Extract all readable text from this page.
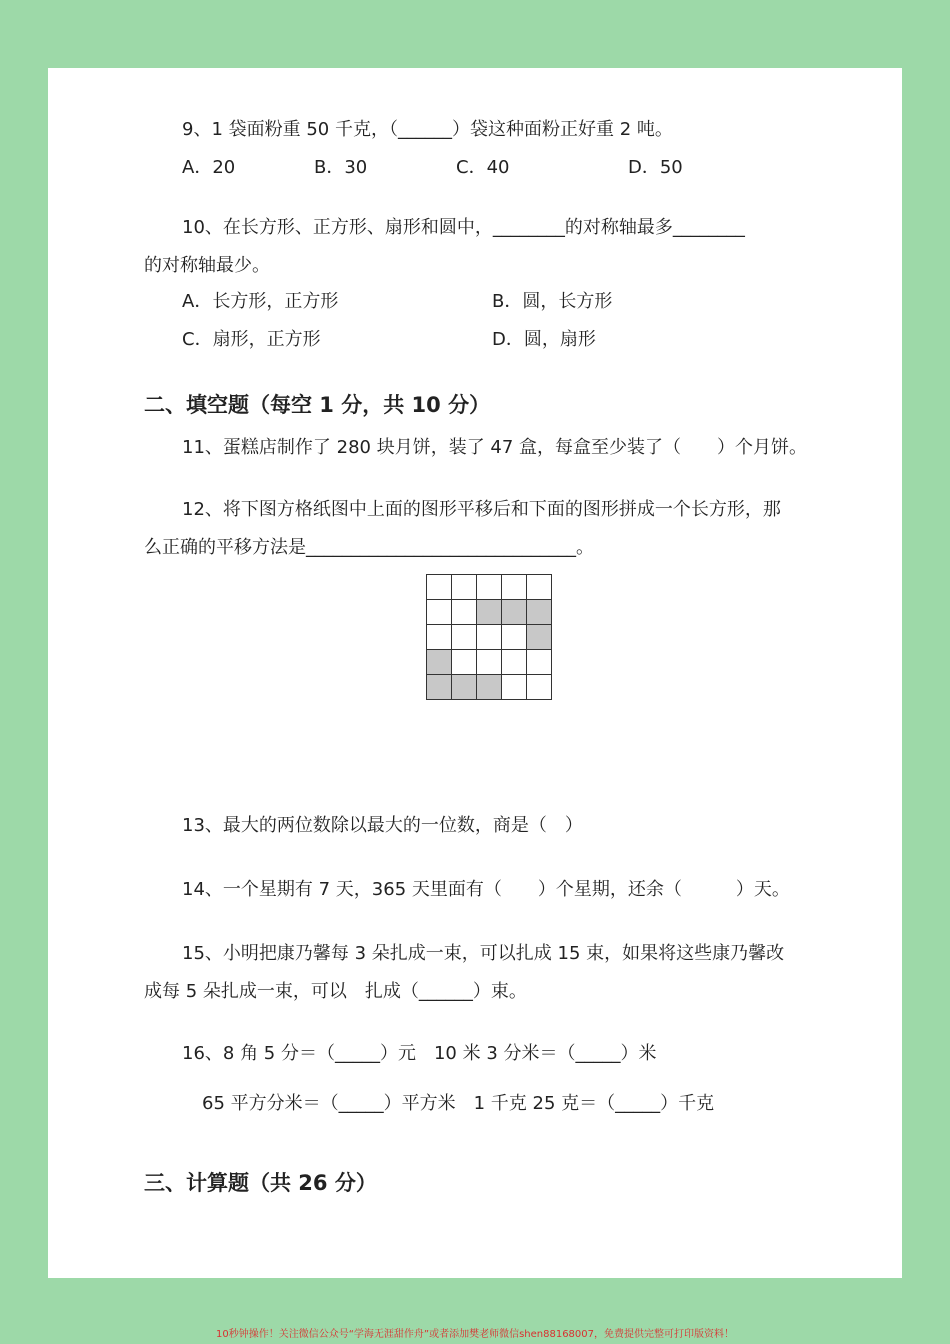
9、1 袋面粉重 50 千克，（______）袋这种面粉正好重 2 吨。
A．20	B．30	C．40	D．50
10、在长方形、正方形、扇形和圆中，________的对称轴最多________
的对称轴最少。
A．长方形，正方形	B．圆，长方形
C．扇形，正方形	D．圆，扇形
二、填空题（每空 1 分，共 10 分）
11、蛋糕店制作了 280 块月饼，装了 47 盒，每盒至少装了（　　）个月饼。
12、将下图方格纸图中上面的图形平移后和下面的图形拼成一个长方形，那
么正确的平移方法是______________________________。

13、最大的两位数除以最大的一位数，商是（　）
14、一个星期有 7 天，365 天里面有（　　）个星期，还余（　　　）天。
15、小明把康乃馨每 3 朵扎成一束，可以扎成 15 束，如果将这些康乃馨改
成每 5 朵扎成一束，可以　扎成（______）束。
16、8 角 5 分＝（_____）元　10 米 3 分米＝（_____）米
65 平方分米＝（_____）平方米　1 千克 25 克＝（_____）千克
三、计算题（共 26 分）
10秒钟操作！关注微信公众号“学海无涯甜作舟”或者添加樊老师微信shen88168007，免费提供完整可打印版资料！
